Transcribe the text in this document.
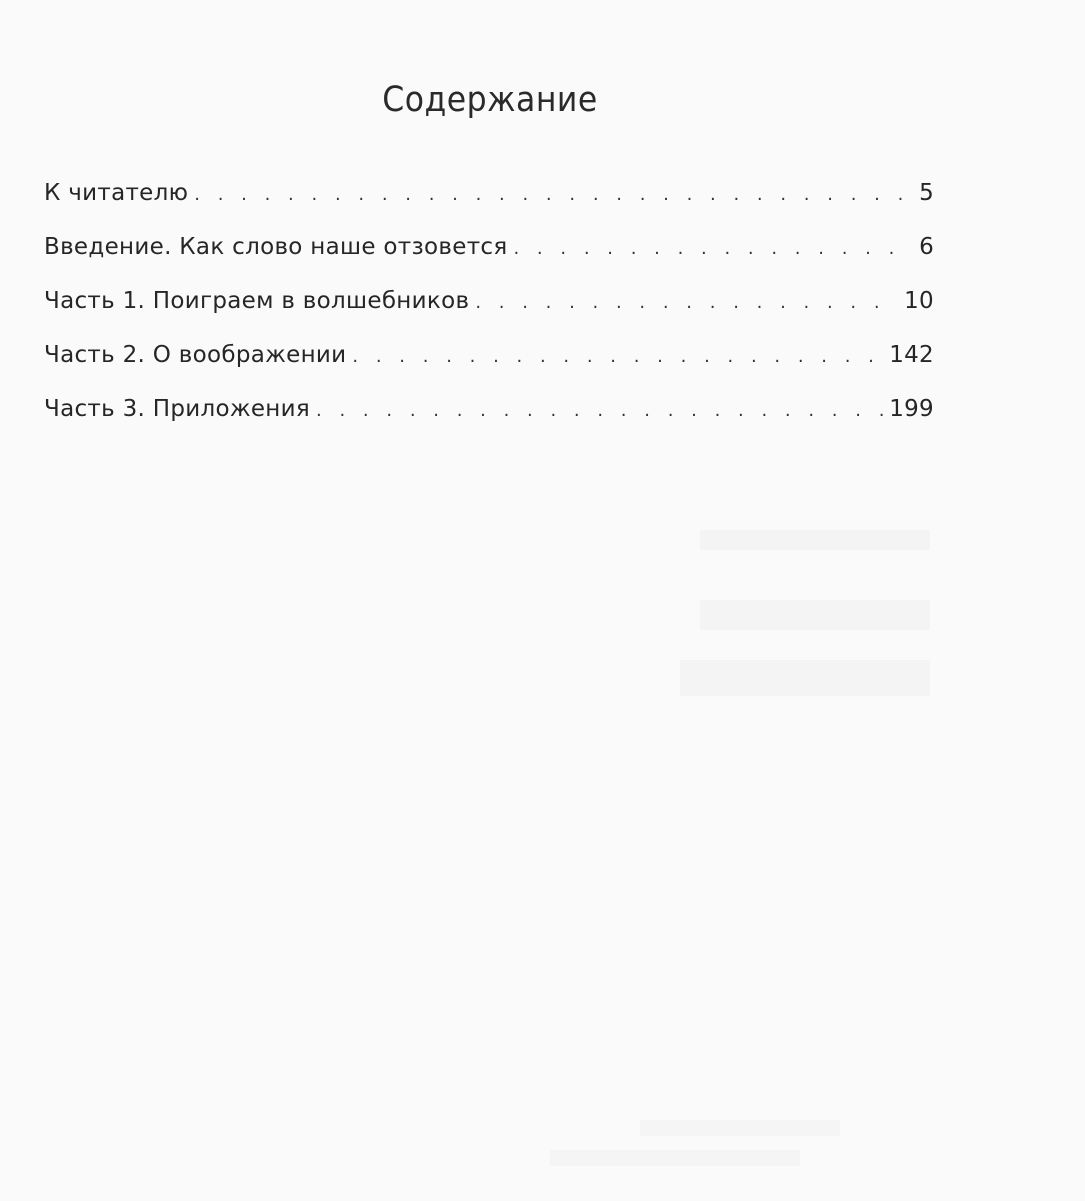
Содержание
К читателю . . .	5
Введение. Как слово наше отзовется . . .	6
Часть 1. Поиграем в волшебников . . .	10
Часть 2. О воображении . . .	142
Часть 3. Приложения . . .	199
